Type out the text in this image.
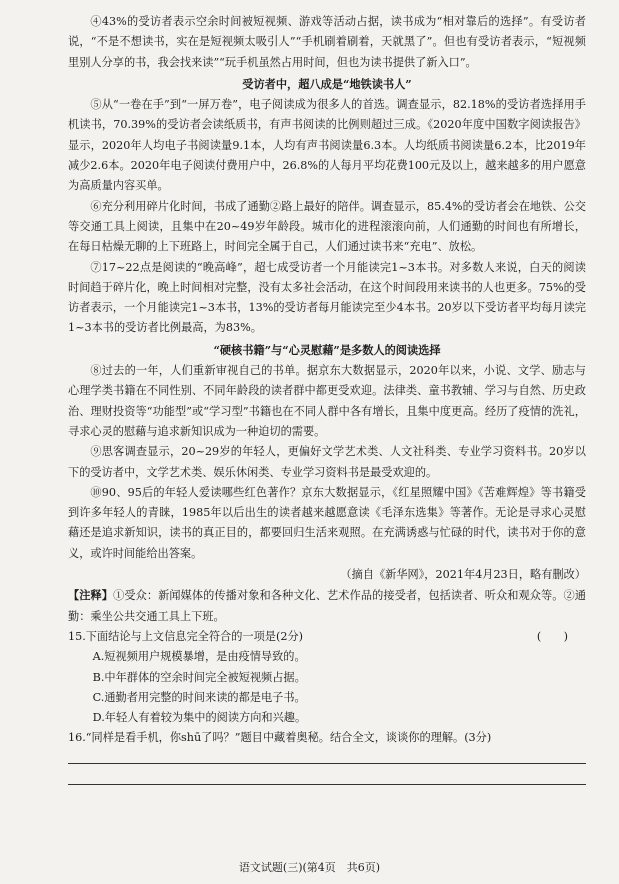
④43%的受访者表示空余时间被短视频、游戏等活动占据，读书成为“相对靠后的选择”。有受访者说，“不是不想读书，实在是短视频太吸引人”“手机刷着刷着，天就黑了”。但也有受访者表示，“短视频里别人分享的书，我会找来读”“玩手机虽然占用时间，但也为读书提供了新入口”。

受访者中，超八成是“地铁读书人”

⑤从“一卷在手”到“一屏万卷”，电子阅读成为很多人的首选。调查显示，82.18%的受访者选择用手机读书，70.39%的受访者会读纸质书，有声书阅读的比例则超过三成。《2020年度中国数字阅读报告》显示，2020年人均电子书阅读量9.1本，人均有声书阅读量6.3本。人均纸质书阅读量6.2本，比2019年减少2.6本。2020年电子阅读付费用户中，26.8%的人每月平均花费100元及以上，越来越多的用户愿意为高质量内容买单。

⑥充分利用碎片化时间，书成了通勤②路上最好的陪伴。调查显示，85.4%的受访者会在地铁、公交等交通工具上阅读，且集中在20~49岁年龄段。城市化的进程滚滚向前，人们通勤的时间也有所增长，在每日枯燥无聊的上下班路上，时间完全属于自己，人们通过读书来“充电”、放松。

⑦17~22点是阅读的“晚高峰”，超七成受访者一个月能读完1~3本书。对多数人来说，白天的阅读时间趋于碎片化，晚上时间相对完整，没有太多社会活动，在这个时间段用来读书的人也更多。75%的受访者表示，一个月能读完1~3本书，13%的受访者每月能读完至少4本书。20岁以下受访者平均每月读完1~3本书的受访者比例最高，为83%。

“硬核书籍”与“心灵慰藉”是多数人的阅读选择

⑧过去的一年，人们重新审视自己的书单。据京东大数据显示，2020年以来，小说、文学、励志与心理学类书籍在不同性别、不同年龄段的读者群中都更受欢迎。法律类、童书教辅、学习与自然、历史政治、理财投资等“功能型”或“学习型”书籍也在不同人群中各有增长，且集中度更高。经历了疫情的洗礼，寻求心灵的慰藉与追求新知识成为一种迫切的需要。

⑨思客调查显示，20~29岁的年轻人，更偏好文学艺术类、人文社科类、专业学习资料书。20岁以下的受访者中，文学艺术类、娱乐休闲类、专业学习资料书是最受欢迎的。

⑩90、95后的年轻人爱读哪些红色著作？京东大数据显示，《红星照耀中国》《苦难辉煌》等书籍受到许多年轻人的青睐，1985年以后出生的读者越来越愿意读《毛泽东选集》等著作。无论是寻求心灵慰藉还是追求新知识，读书的真正目的，都要回归生活来观照。在充满诱惑与忙碌的时代，读书对于你的意义，或许时间能给出答案。

（摘自《新华网》，2021年4月23日，略有删改）

【注释】①受众：新闻媒体的传播对象和各种文化、艺术作品的接受者，包括读者、听众和观众等。②通勤：乘坐公共交通工具上下班。

15.下面结论与上文信息完全符合的一项是(2分)	(　　)

A.短视频用户规模暴增，是由疫情导致的。

B.中年群体的空余时间完全被短视频占据。

C.通勤者用完整的时间来读的都是电子书。

D.年轻人有着较为集中的阅读方向和兴趣。

16.“同样是看手机，你shū了吗？”题目中藏着奥秘。结合全文，谈谈你的理解。(3分)

语文试题(三)(第4页　共6页)
